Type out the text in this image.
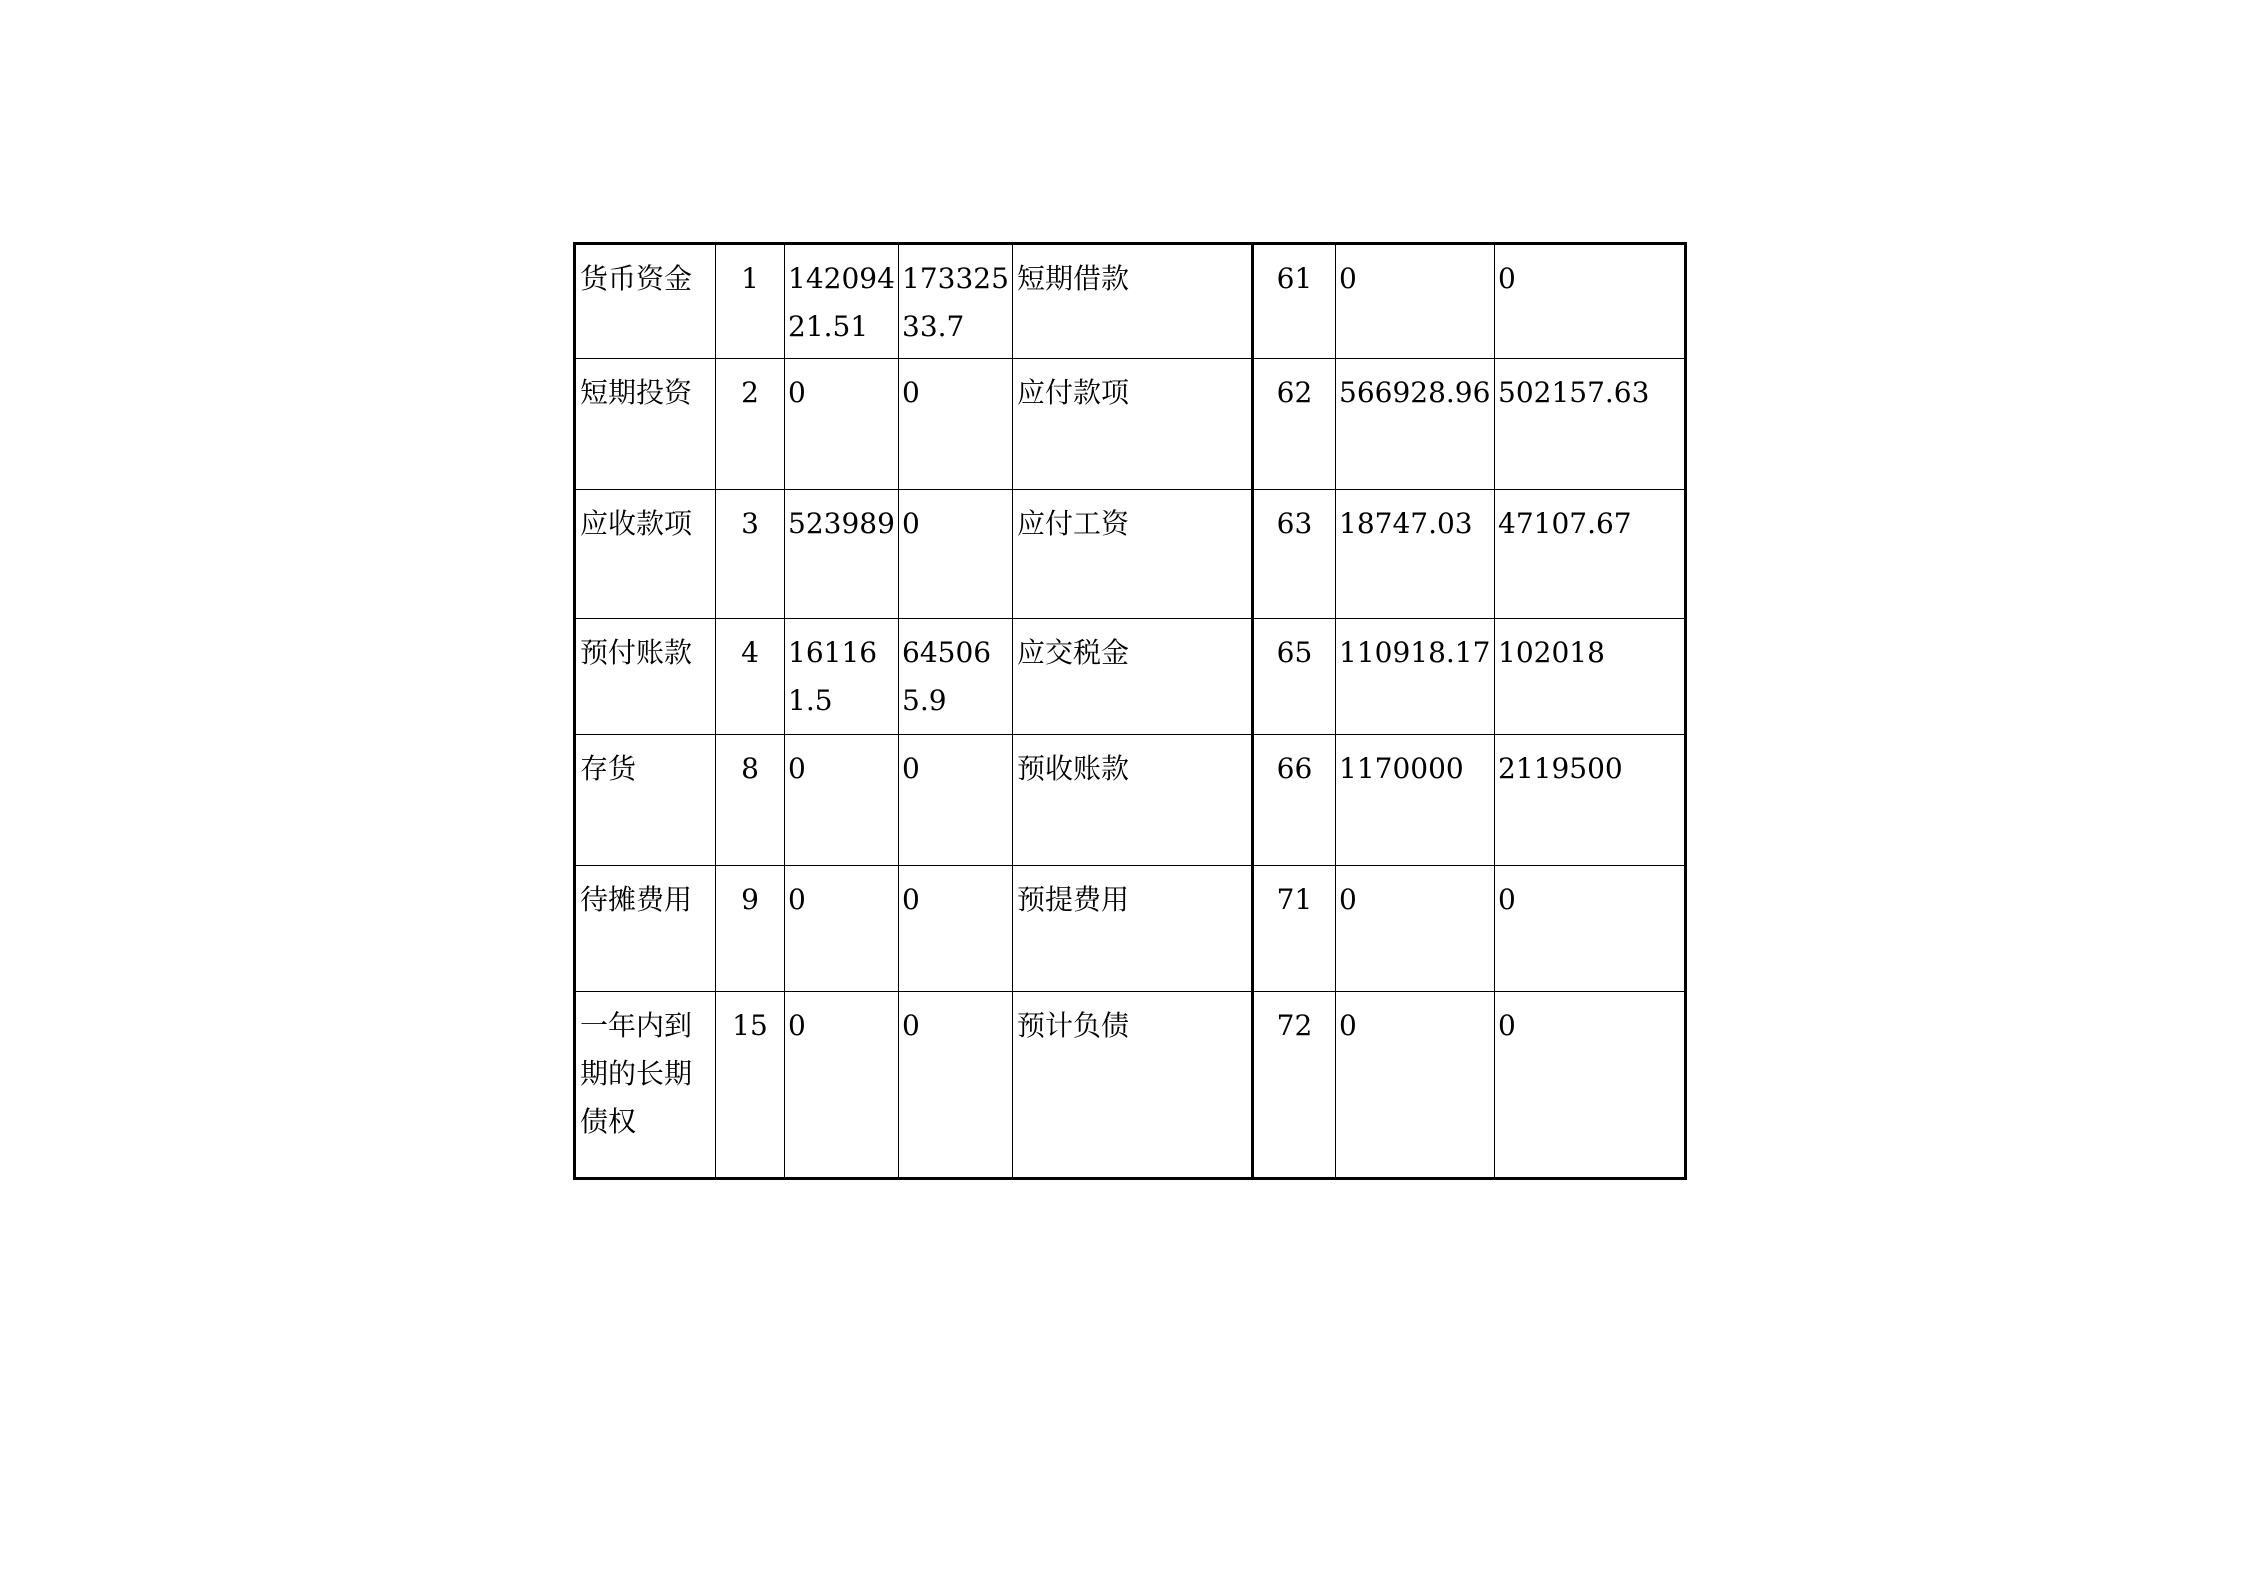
货币资金	1	14209421.51	17332533.7	短期借款	61	0	0
短期投资	2	0	0	应付款项	62	566928.96	502157.63
应收款项	3	523989	0	应付工资	63	18747.03	47107.67
预付账款	4	161161.5	645065.9	应交税金	65	110918.17	102018
存货	8	0	0	预收账款	66	1170000	2119500
待摊费用	9	0	0	预提费用	71	0	0
一年内到期的长期债权	15	0	0	预计负债	72	0	0
